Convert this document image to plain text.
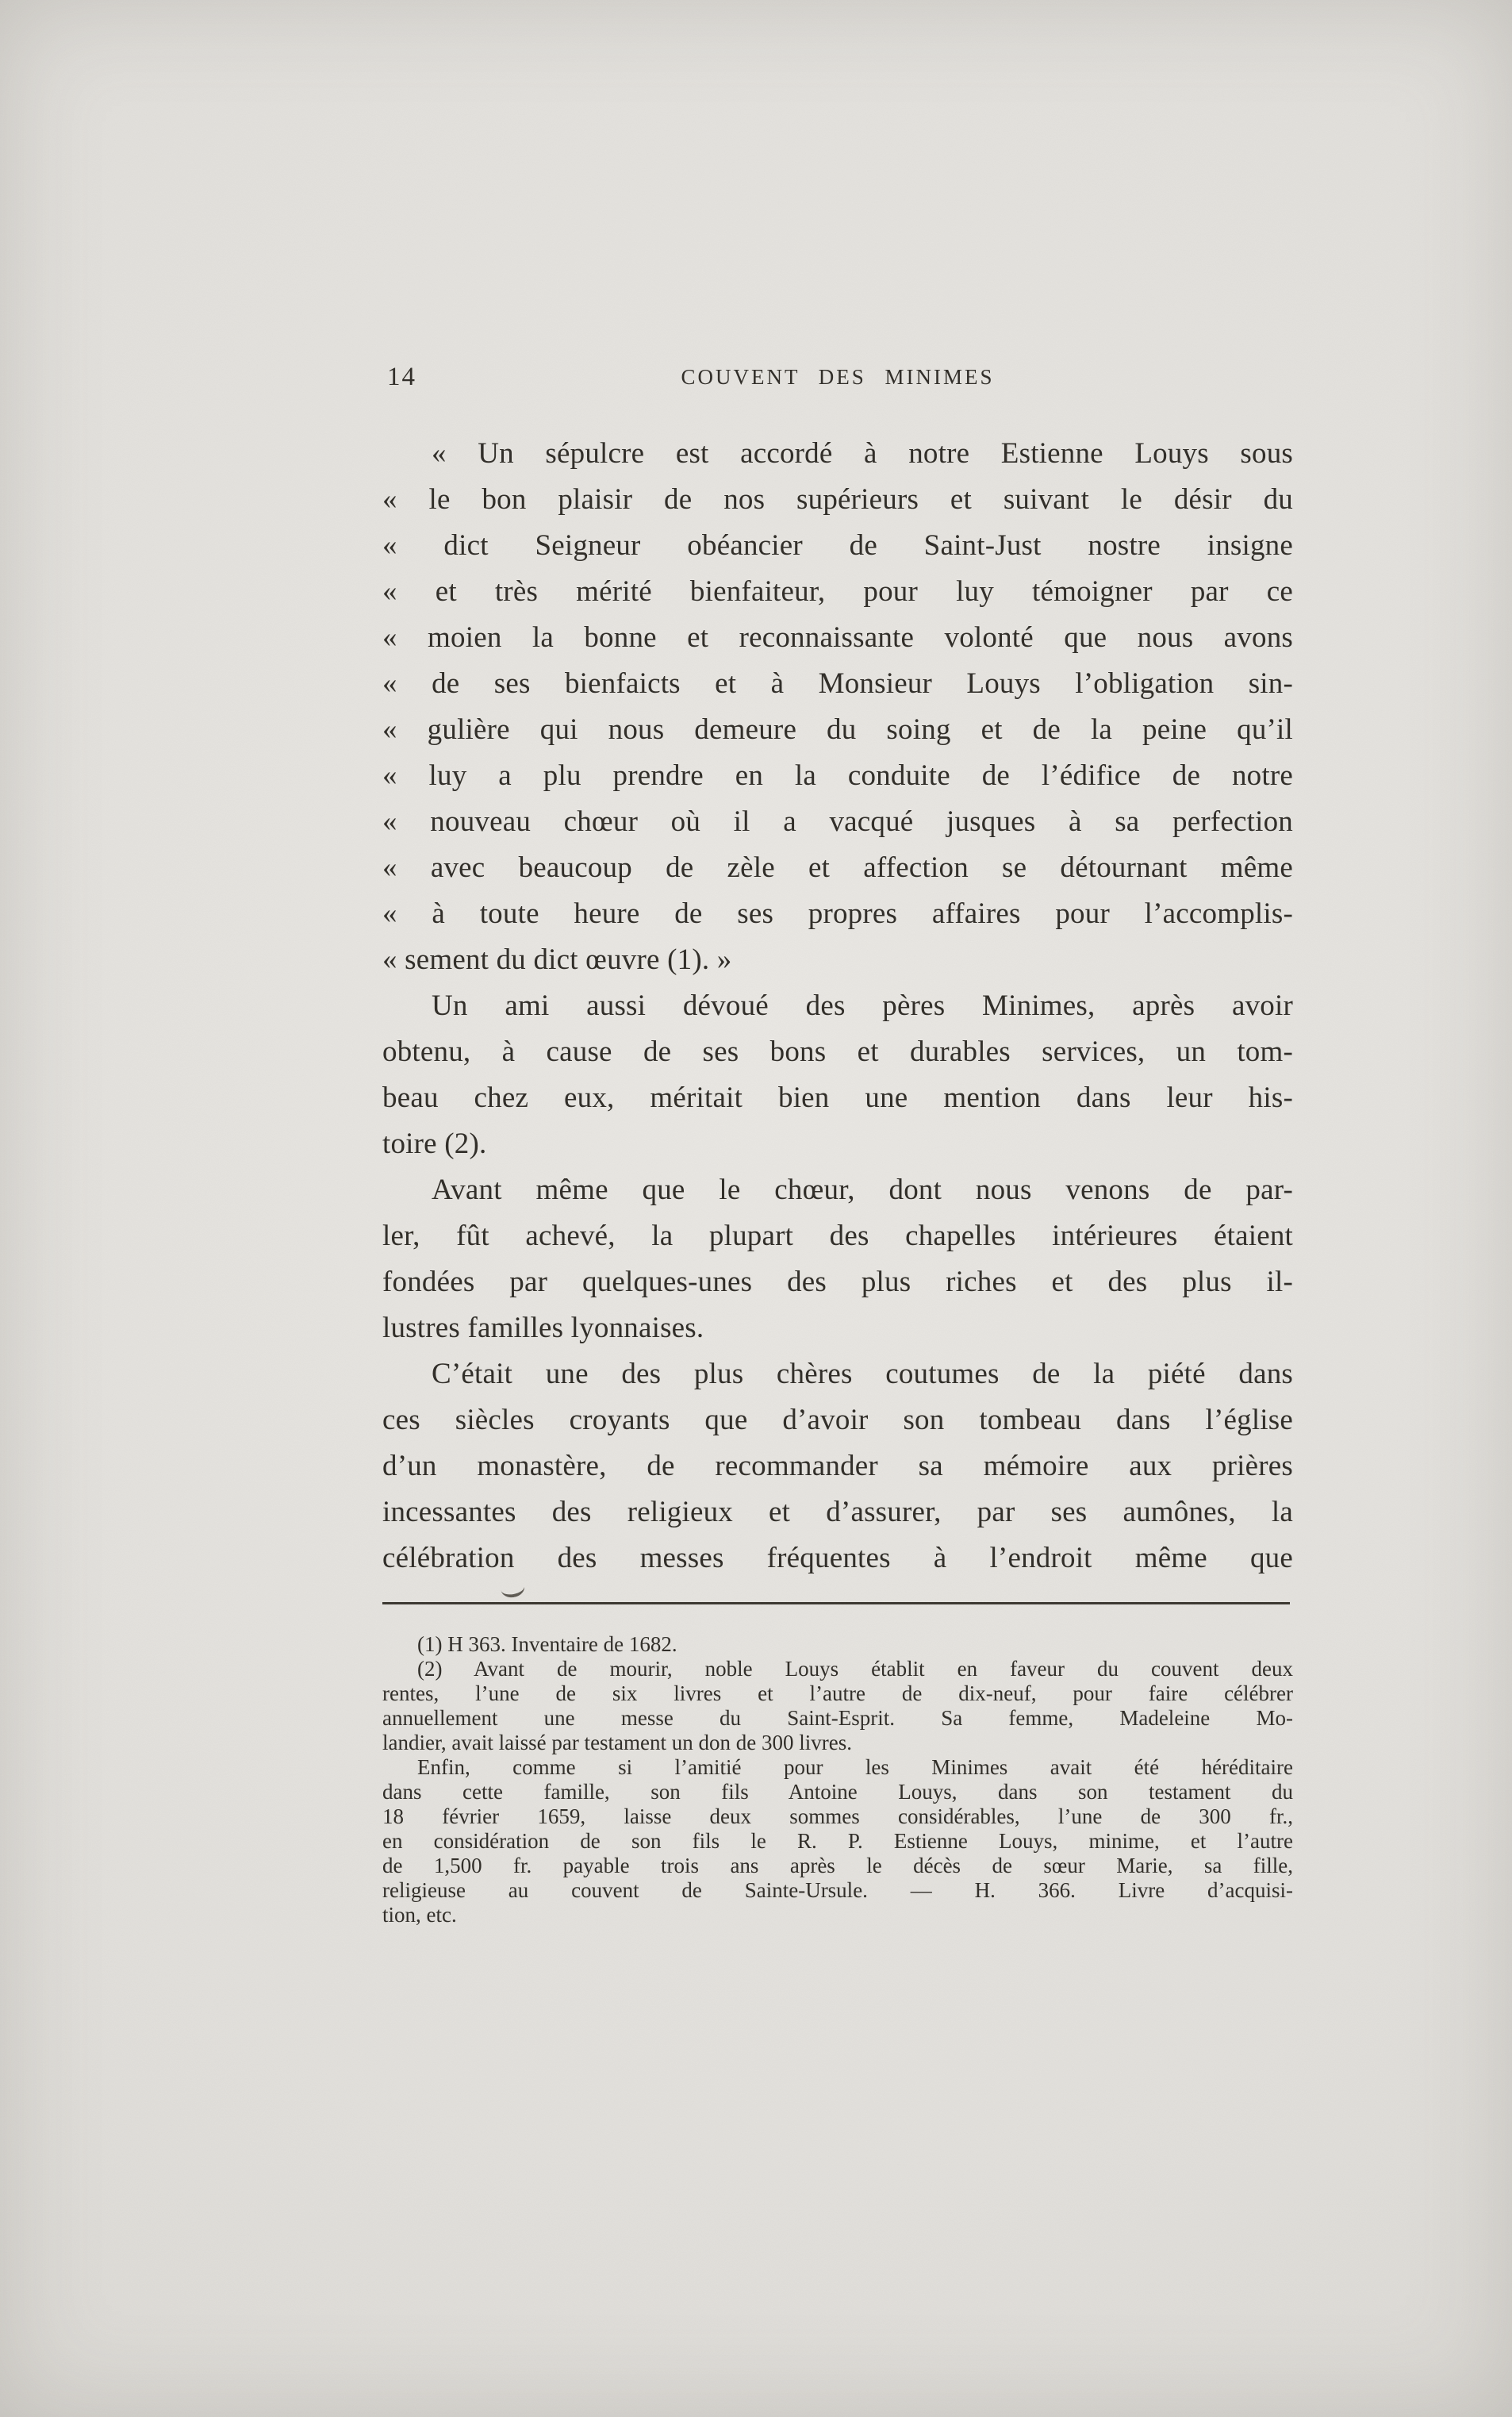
14	COUVENT DES MINIMES
« Un sépulcre est accordé à notre Estienne Louys sous
« le bon plaisir de nos supérieurs et suivant le désir du
« dict Seigneur obéancier de Saint-Just nostre insigne
« et très mérité bienfaiteur, pour luy témoigner par ce
« moien la bonne et reconnaissante volonté que nous avons
« de ses bienfaicts et à Monsieur Louys l’obligation sin-
« gulière qui nous demeure du soing et de la peine qu’il
« luy a plu prendre en la conduite de l’édifice de notre
« nouveau chœur où il a vacqué jusques à sa perfection
« avec beaucoup de zèle et affection se détournant même
« à toute heure de ses propres affaires pour l’accomplis-
« sement du dict œuvre (1). »
Un ami aussi dévoué des pères Minimes, après avoir
obtenu, à cause de ses bons et durables services, un tom-
beau chez eux, méritait bien une mention dans leur his-
toire (2).
Avant même que le chœur, dont nous venons de par-
ler, fût achevé, la plupart des chapelles intérieures étaient
fondées par quelques-unes des plus riches et des plus il-
lustres familles lyonnaises.
C’était une des plus chères coutumes de la piété dans
ces siècles croyants que d’avoir son tombeau dans l’église
d’un monastère, de recommander sa mémoire aux prières
incessantes des religieux et d’assurer, par ses aumônes, la
célébration des messes fréquentes à l’endroit même que
(1) H 363. Inventaire de 1682.
(2) Avant de mourir, noble Louys établit en faveur du couvent deux
rentes, l’une de six livres et l’autre de dix-neuf, pour faire célébrer
annuellement une messe du Saint-Esprit. Sa femme, Madeleine Mo-
landier, avait laissé par testament un don de 300 livres.
Enfin, comme si l’amitié pour les Minimes avait été héréditaire
dans cette famille, son fils Antoine Louys, dans son testament du
18 février 1659, laisse deux sommes considérables, l’une de 300 fr.,
en considération de son fils le R. P. Estienne Louys, minime, et l’autre
de 1,500 fr. payable trois ans après le décès de sœur Marie, sa fille,
religieuse au couvent de Sainte-Ursule. — H. 366. Livre d’acquisi-
tion, etc.
